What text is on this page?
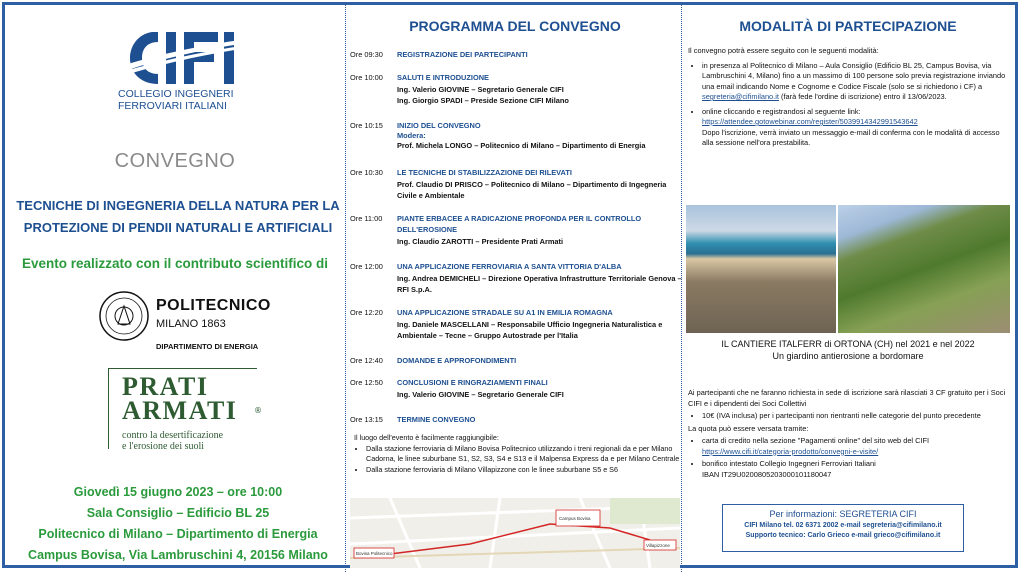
COLLEGIO INGEGNERI
FERROVIARI ITALIANI
CONVEGNO
TECNICHE DI INGEGNERIA DELLA NATURA PER LA
PROTEZIONE DI PENDII NATURALI E ARTIFICIALI
Evento realizzato con il contributo scientifico di
POLITECNICO
MILANO 1863
DIPARTIMENTO DI ENERGIA
PRATI
ARMATI ®
contro la desertificazione
e l'erosione dei suoli
Giovedì 15 giugno 2023 – ore 10:00
Sala Consiglio – Edificio BL 25
Politecnico di Milano – Dipartimento di Energia
Campus Bovisa, Via Lambruschini 4, 20156 Milano
PROGRAMMA DEL CONVEGNO
Ore 09:30	REGISTRAZIONE DEI PARTECIPANTI
Ore 10:00	SALUTI E INTRODUZIONE
Ing. Valerio GIOVINE – Segretario Generale CIFI
Ing. Giorgio SPADI – Preside Sezione CIFI Milano
Ore 10:15	INIZIO DEL CONVEGNO
Modera:
Prof. Michela LONGO – Politecnico di Milano – Dipartimento di Energia
Ore 10:30	LE TECNICHE DI STABILIZZAZIONE DEI RILEVATI
Prof. Claudio DI PRISCO – Politecnico di Milano – Dipartimento di Ingegneria Civile e Ambientale
Ore 11:00	PIANTE ERBACEE A RADICAZIONE PROFONDA PER IL CONTROLLO DELL'EROSIONE
Ing. Claudio ZAROTTI – Presidente Prati Armati
Ore 12:00	UNA APPLICAZIONE FERROVIARIA A SANTA VITTORIA D'ALBA
Ing. Andrea DEMICHELI – Direzione Operativa Infrastrutture Territoriale Genova – RFI S.p.A.
Ore 12:20	UNA APPLICAZIONE STRADALE SU A1 IN EMILIA ROMAGNA
Ing. Daniele MASCELLANI – Responsabile Ufficio Ingegneria Naturalistica e Ambientale – Tecne – Gruppo Autostrade per l'Italia
Ore 12:40	DOMANDE E APPROFONDIMENTI
Ore 12:50	CONCLUSIONI E RINGRAZIAMENTI FINALI
Ing. Valerio GIOVINE – Segretario Generale CIFI
Ore 13:15	TERMINE CONVEGNO
Il luogo dell'evento è facilmente raggiungibile:
• Dalla stazione ferroviaria di Milano Bovisa Politecnico utilizzando i treni regionali da e per Milano Cadorna, le linee suburbane S1, S2, S3, S4 e S13 e il Malpensa Express da e per Milano Centrale
• Dalla stazione ferroviaria di Milano Villapizzone con le linee suburbane S5 e S6
Bovisa Politecnico
Campus Bovisa
Villapizzone
MODALITÀ DI PARTECIPAZIONE
Il convegno potrà essere seguito con le seguenti modalità:
• in presenza al Politecnico di Milano – Aula Consiglio (Edificio BL 25, Campus Bovisa, via Lambruschini 4, Milano) fino a un massimo di 100 persone solo previa registrazione inviando una email indicando Nome e Cognome e Codice Fiscale (solo se si richiedono i CF) a segreteria@cifimilano.it (farà fede l'ordine di iscrizione) entro il 13/06/2023.
• online cliccando e registrandosi al seguente link:
https://attendee.gotowebinar.com/register/5039914342991543642
Dopo l'iscrizione, verrà inviato un messaggio e-mail di conferma con le modalità di accesso alla sessione nell'ora prestabilita.
IL CANTIERE ITALFERR di ORTONA (CH) nel 2021 e nel 2022
Un giardino antierosione a bordomare
Ai partecipanti che ne faranno richiesta in sede di iscrizione sarà rilasciati 3 CF gratuito per i Soci CIFI e i dipendenti dei Soci Collettivi
• 10€ (IVA inclusa) per i partecipanti non rientranti nelle categorie del punto precedente
La quota può essere versata tramite:
• carta di credito nella sezione "Pagamenti online" del sito web del CIFI
https://www.cifi.it/categoria-prodotto/convegni-e-visite/
• bonifico intestato Collegio Ingegneri Ferroviari Italiani
IBAN IT29U0200805203000101180047
Per informazioni: SEGRETERIA CIFI
CIFI Milano tel. 02 6371 2002 e-mail segreteria@cifimilano.it
Supporto tecnico: Carlo Grieco e-mail grieco@cifimilano.it
